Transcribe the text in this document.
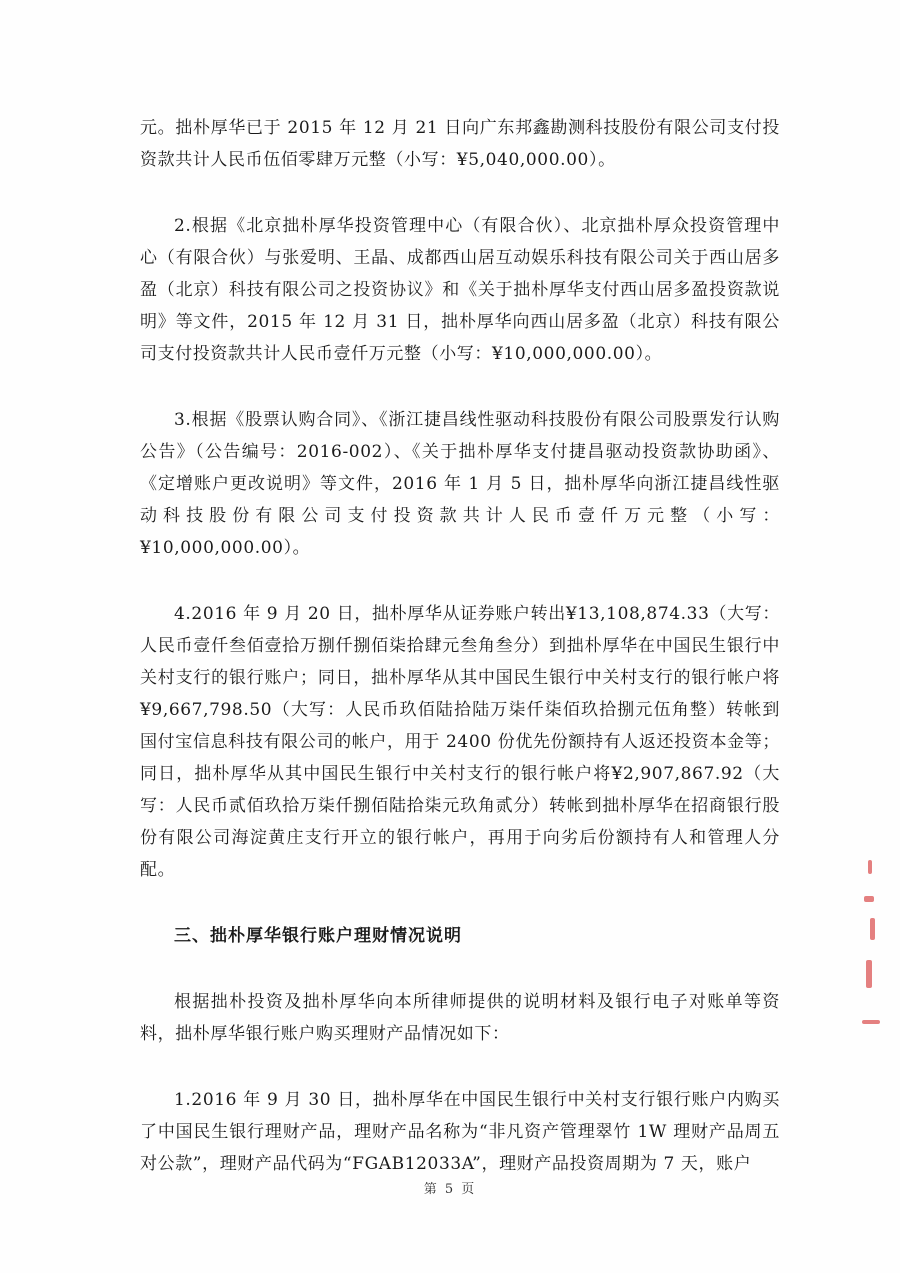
元。拙朴厚华已于 2015 年 12 月 21 日向广东邦鑫勘测科技股份有限公司支付投资款共计人民币伍佰零肆万元整（小写：¥5,040,000.00）。

2.根据《北京拙朴厚华投资管理中心（有限合伙）、北京拙朴厚众投资管理中心（有限合伙）与张爱明、王晶、成都西山居互动娱乐科技有限公司关于西山居多盈（北京）科技有限公司之投资协议》和《关于拙朴厚华支付西山居多盈投资款说明》等文件，2015 年 12 月 31 日，拙朴厚华向西山居多盈（北京）科技有限公司支付投资款共计人民币壹仟万元整（小写：¥10,000,000.00）。

3.根据《股票认购合同》、《浙江捷昌线性驱动科技股份有限公司股票发行认购公告》（公告编号：2016-002）、《关于拙朴厚华支付捷昌驱动投资款协助函》、《定增账户更改说明》等文件，2016 年 1 月 5 日，拙朴厚华向浙江捷昌线性驱动科技股份有限公司支付投资款共计人民币壹仟万元整（小写：¥10,000,000.00）。

4.2016 年 9 月 20 日，拙朴厚华从证券账户转出¥13,108,874.33（大写：人民币壹仟叁佰壹拾万捌仟捌佰柒拾肆元叁角叁分）到拙朴厚华在中国民生银行中关村支行的银行账户；同日，拙朴厚华从其中国民生银行中关村支行的银行帐户将¥9,667,798.50（大写：人民币玖佰陆拾陆万柒仟柒佰玖拾捌元伍角整）转帐到国付宝信息科技有限公司的帐户，用于 2400 份优先份额持有人返还投资本金等；同日，拙朴厚华从其中国民生银行中关村支行的银行帐户将¥2,907,867.92（大写：人民币贰佰玖拾万柒仟捌佰陆拾柒元玖角贰分）转帐到拙朴厚华在招商银行股份有限公司海淀黄庄支行开立的银行帐户，再用于向劣后份额持有人和管理人分配。

三、拙朴厚华银行账户理财情况说明

根据拙朴投资及拙朴厚华向本所律师提供的说明材料及银行电子对账单等资料，拙朴厚华银行账户购买理财产品情况如下：

1.2016 年 9 月 30 日，拙朴厚华在中国民生银行中关村支行银行账户内购买了中国民生银行理财产品，理财产品名称为“非凡资产管理翠竹 1W 理财产品周五对公款”，理财产品代码为“FGAB12033A”，理财产品投资周期为 7 天，账户

第 5 页
